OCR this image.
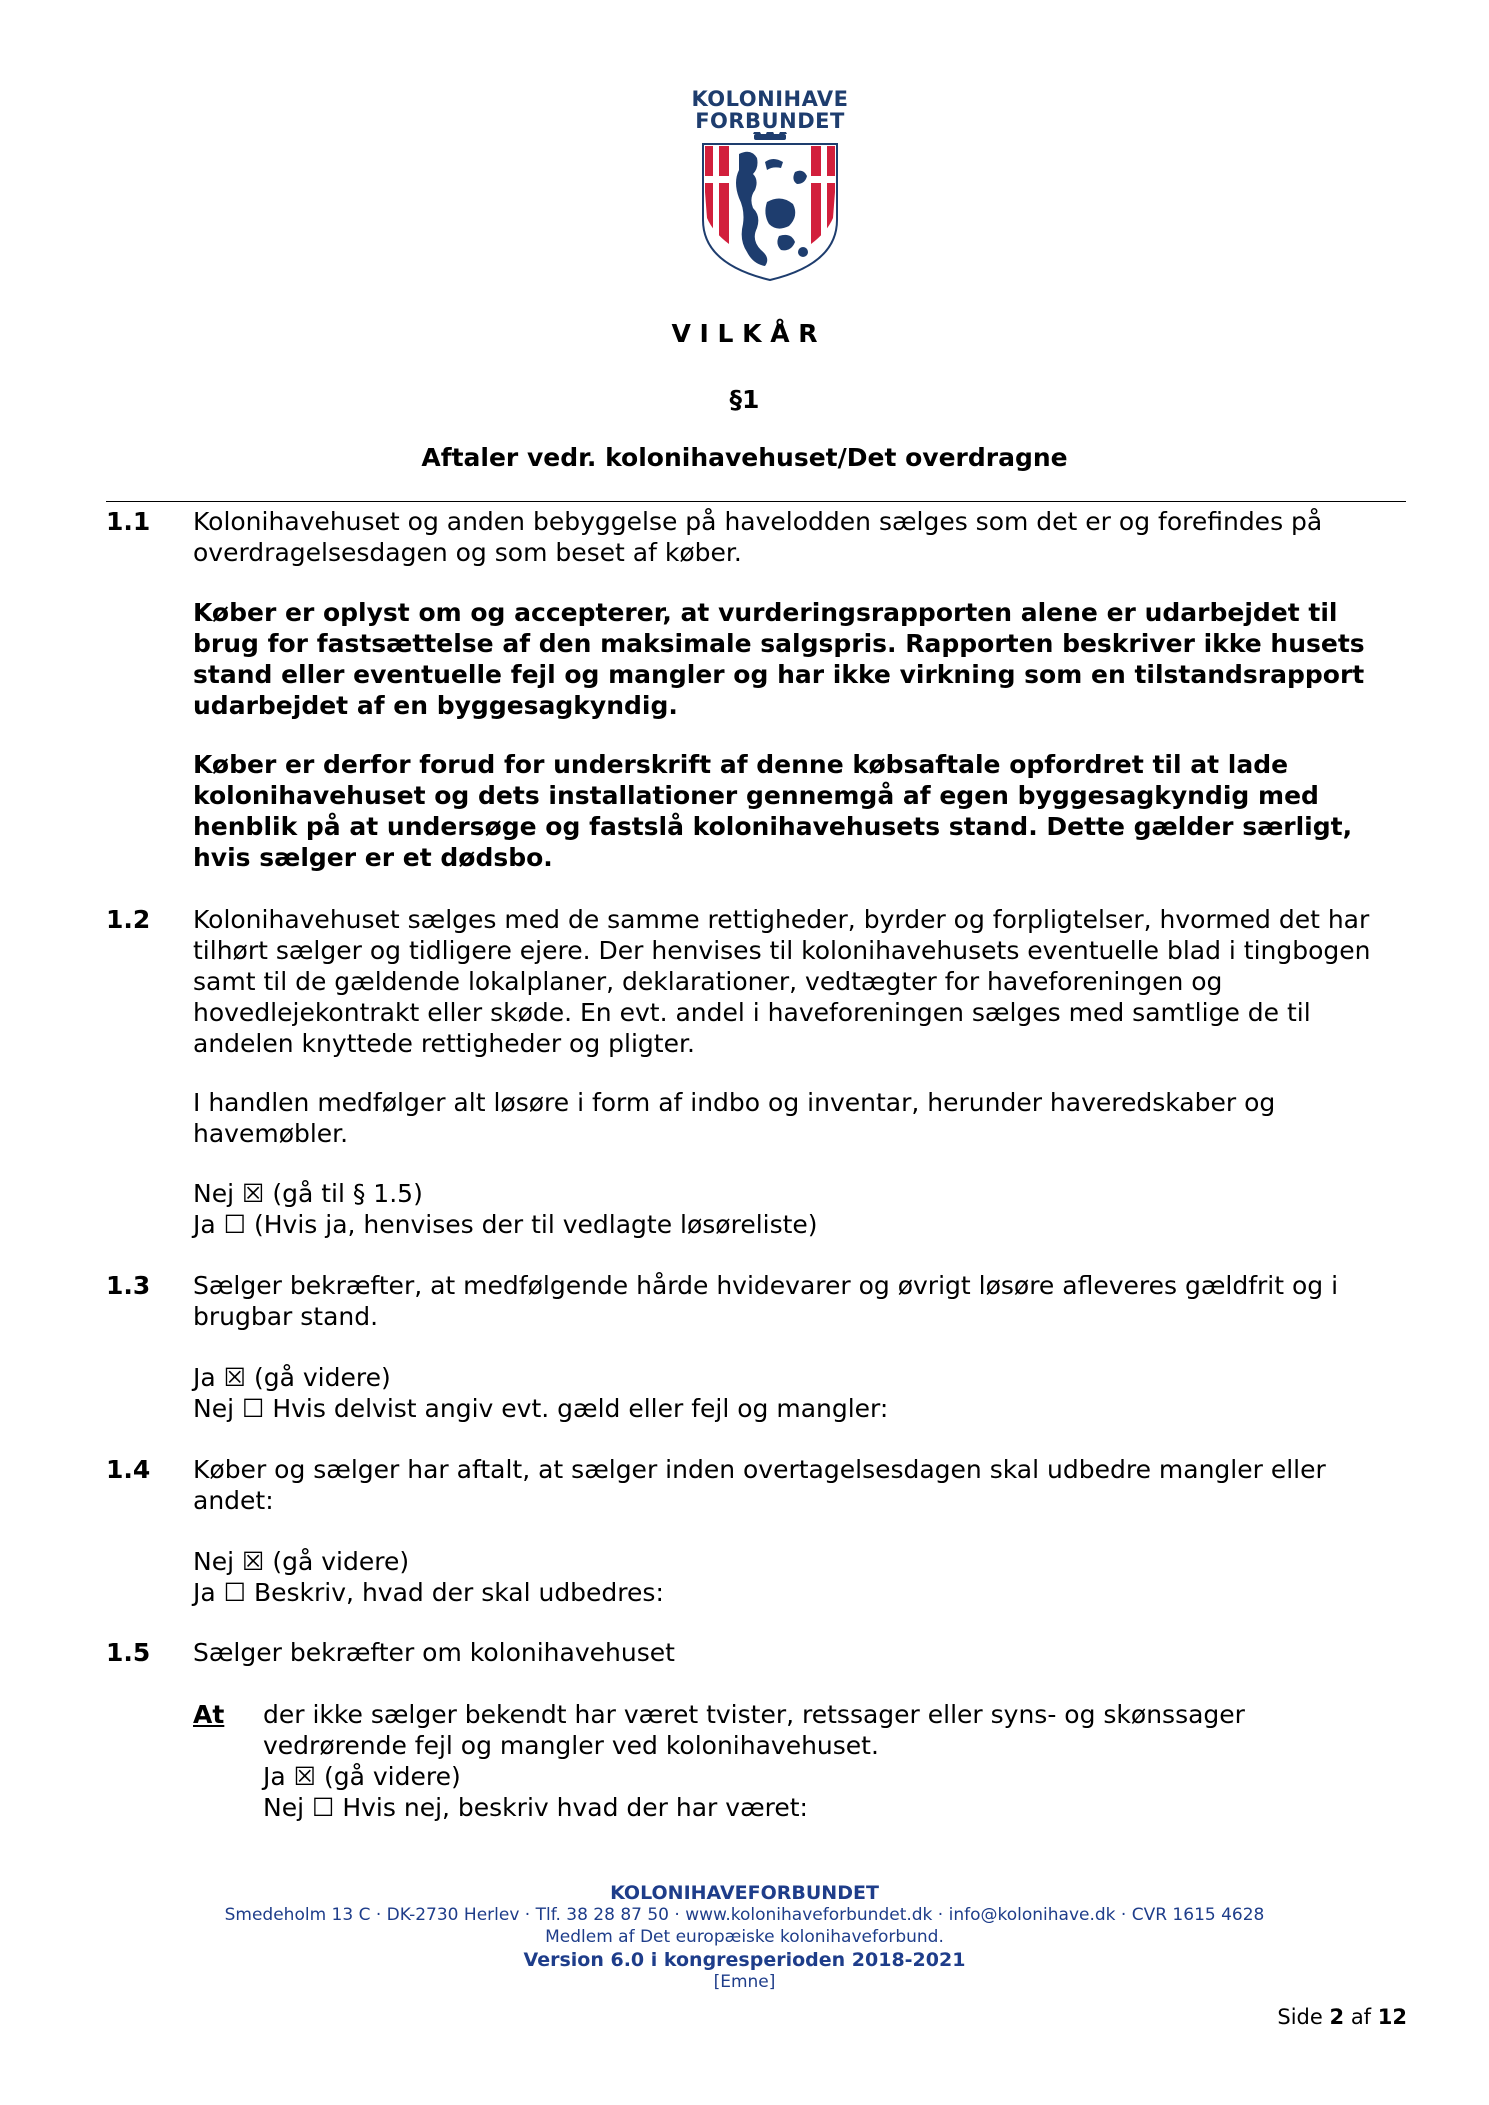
KOLONIHAVE
FORBUNDET
V I L K Å R
§1
Aftaler vedr. kolonihavehuset/Det overdragne
1.1 Kolonihavehuset og anden bebyggelse på havelodden sælges som det er og forefindes på
overdragelsesdagen og som beset af køber.
Køber er oplyst om og accepterer, at vurderingsrapporten alene er udarbejdet til
brug for fastsættelse af den maksimale salgspris. Rapporten beskriver ikke husets
stand eller eventuelle fejl og mangler og har ikke virkning som en tilstandsrapport
udarbejdet af en byggesagkyndig.
Køber er derfor forud for underskrift af denne købsaftale opfordret til at lade
kolonihavehuset og dets installationer gennemgå af egen byggesagkyndig med
henblik på at undersøge og fastslå kolonihavehusets stand. Dette gælder særligt,
hvis sælger er et dødsbo.
1.2 Kolonihavehuset sælges med de samme rettigheder, byrder og forpligtelser, hvormed det har
tilhørt sælger og tidligere ejere. Der henvises til kolonihavehusets eventuelle blad i tingbogen
samt til de gældende lokalplaner, deklarationer, vedtægter for haveforeningen og
hovedlejekontrakt eller skøde. En evt. andel i haveforeningen sælges med samtlige de til
andelen knyttede rettigheder og pligter.
I handlen medfølger alt løsøre i form af indbo og inventar, herunder haveredskaber og
havemøbler.
Nej ☒ (gå til § 1.5)
Ja ☐ (Hvis ja, henvises der til vedlagte løsøreliste)
1.3 Sælger bekræfter, at medfølgende hårde hvidevarer og øvrigt løsøre afleveres gældfrit og i
brugbar stand.
Ja ☒ (gå videre)
Nej ☐ Hvis delvist angiv evt. gæld eller fejl og mangler:
1.4 Køber og sælger har aftalt, at sælger inden overtagelsesdagen skal udbedre mangler eller
andet:
Nej ☒ (gå videre)
Ja ☐ Beskriv, hvad der skal udbedres:
1.5 Sælger bekræfter om kolonihavehuset
At der ikke sælger bekendt har været tvister, retssager eller syns- og skønssager
vedrørende fejl og mangler ved kolonihavehuset.
Ja ☒ (gå videre)
Nej ☐ Hvis nej, beskriv hvad der har været:
KOLONIHAVEFORBUNDET
Smedeholm 13 C · DK-2730 Herlev · Tlf. 38 28 87 50 · www.kolonihaveforbundet.dk · info@kolonihave.dk · CVR 1615 4628
Medlem af Det europæiske kolonihaveforbund.
Version 6.0 i kongresperioden 2018-2021
[Emne]
Side 2 af 12
